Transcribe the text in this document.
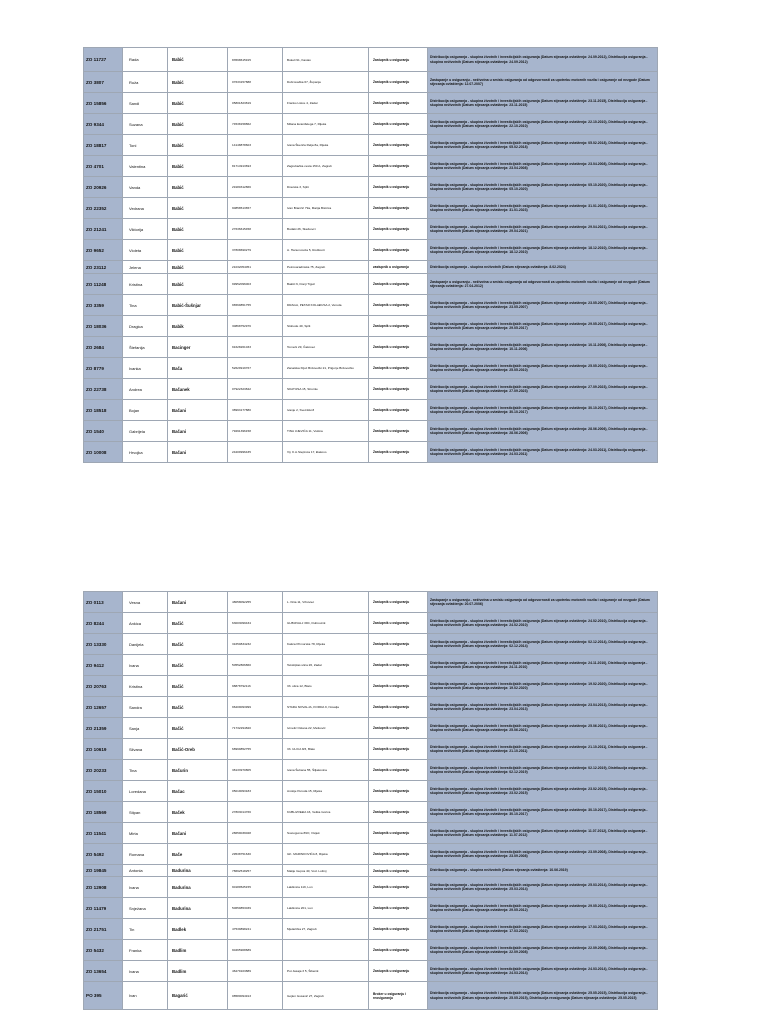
ZO 11727	Rada	Babić	83598615915	Bukeli 91, Kastav	Zastupnik u osiguranju	Distribucija osiguranja - skupina životnih i investicijskih osiguranja (Datum stjecanja ovlaštenja: 24.09.2012), Distribucija osiguranja - skupina neživotnih (Datum stjecanja ovlaštenja: 24.09.2012)

ZO 3807	Ruža	Babić	07633157888	Dubrovačka 67, Županja	Zastupnik u osiguranju	Zastupanje u osiguranju - neživotna u smislu osiguranja od odgovornosti za upotrebu motornih vozila i osiguranje od nezgode (Datum stjecanja ovlaštenja: 12.07.2007)

ZO 15856	Sandi	Babić	05801823819	Franko Lisice 4, Zadar	Zastupnik u osiguranju	Distribucija osiguranja - skupina životnih i investicijskih osiguranja (Datum stjecanja ovlaštenja: 23.11.2015), Distribucija osiguranja - skupina neživotnih (Datum stjecanja ovlaštenja: 23.11.2015)

ZO 9344	Suzana	Babić	74538158862	Milana Evanđelega 7, Rijeka	Zastupnik u osiguranju	Distribucija osiguranja - skupina životnih i investicijskih osiguranja (Datum stjecanja ovlaštenja: 22.10.2010), Distribucija osiguranja - skupina neživotnih (Datum stjecanja ovlaštenja: 22.10.2010)

ZO 18817	Toni	Babić	14148878603	Ivana Škerića Relja 8a, Rijeka	Zastupnik u osiguranju	Distribucija osiguranja - skupina životnih i investicijskih osiguranja (Datum stjecanja ovlaštenja: 05.02.2018), Distribucija osiguranja - skupina neživotnih (Datum stjecanja ovlaštenja: 05.02.2018)

ZO 4701	Valentina	Babić	81714913693	Zagrebačka cesta 150 A, Zagreb	Zastupnik u osiguranju	Distribucija osiguranja - skupina životnih i investicijskih osiguranja (Datum stjecanja ovlaštenja: 23.04.2008), Distribucija osiguranja - skupina neživotnih (Datum stjecanja ovlaštenja: 23.04.2008)

ZO 20926	Vanda	Babić	29180312866	Dravska 3, Split	Zastupnik u osiguranju	Distribucija osiguranja - skupina životnih i investicijskih osiguranja (Datum stjecanja ovlaštenja: 05.10.2020), Distribucija osiguranja - skupina neživotnih (Datum stjecanja ovlaštenja: 05.10.2020)

ZO 22352	Vedrana	Babić	90858513657	Ivan Brančić 79a, Marija Bistrica	Zastupnik u osiguranju	Distribucija osiguranja - skupina životnih i investicijskih osiguranja (Datum stjecanja ovlaštenja: 31.01.2023), Distribucija osiguranja - skupina neživotnih (Datum stjecanja ovlaštenja: 31.01.2023)

ZO 21241	Viktorija	Babić	27636615458	Budaki 26, Slavkovci	Zastupnik u osiguranju	Distribucija osiguranja - skupina životnih i investicijskih osiguranja (Datum stjecanja ovlaštenja: 29.04.2021), Distribucija osiguranja - skupina neživotnih (Datum stjecanja ovlaštenja: 29.04.2021)

ZO 9652	Violeta	Babić	37808690279	A. Hanumovića 5, Rodilovci	Zastupnik u osiguranju	Distribucija osiguranja - skupina životnih i investicijskih osiguranja (Datum stjecanja ovlaštenja: 18.12.2010), Distribucija osiguranja - skupina neživotnih (Datum stjecanja ovlaštenja: 18.12.2010)

ZO 23112	Jelena	Babić	21032054051	Petrovaradinska 75, Zagreb	zastupnik u osiguranju	Distribucija osiguranja - skupina neživotnih (Datum stjecanja ovlaštenja: 8.02.2024)

ZO 11248	Kristina	Babić	99952096003	Bakići 6, Donji Tiguri	Zastupnik u osiguranju	Zastupanje u osiguranju - neživotna u smislu osiguranja od odgovornosti za upotrebu motornih vozila i osiguranje od nezgode (Datum stjecanja ovlaštenja: 27.04.2012)

ZO 3359	Tina	Babić-Šušnjar	96569851755	DRAGA, PETAR KOLAĐUSA 2, Veruda	Zastupnik u osiguranju	Distribucija osiguranja - skupina životnih i investicijskih osiguranja (Datum stjecanja ovlaštenja: 23.05.2007), Distribucija osiguranja - skupina neživotnih (Datum stjecanja ovlaštenja: 23.05.2007)

ZO 18036	Dragica	Babik	30868752976	Slobode 40, Split	Zastupnik u osiguranju	Distribucija osiguranja - skupina životnih i investicijskih osiguranja (Datum stjecanja ovlaštenja: 29.05.2017), Distribucija osiguranja - skupina neživotnih (Datum stjecanja ovlaštenja: 29.05.2017)

ZO 2684	Štefanija	Bacinger	91628261033	Tomerk 29, Čakovec	Zastupnik u osiguranju	Distribucija osiguranja - skupina životnih i investicijskih osiguranja (Datum stjecanja ovlaštenja: 10.11.2006), Distribucija osiguranja - skupina neživotnih (Datum stjecanja ovlaštenja: 10.11.2006)

ZO 8779	Ivanka	Bača	52629919767	Zanatska Kljuć Brdovečki 21, Prigorje Brdovečko	Zastupnik u osiguranju	Distribucija osiguranja - skupina životnih i investicijskih osiguranja (Datum stjecanja ovlaštenja: 25.05.2010), Distribucija osiguranja - skupina neživotnih (Datum stjecanja ovlaštenja: 25.05.2010)

ZO 22738	Andrea	Bačanek	07922323842	SKATIJSA 15, Strumle	Zastupnik u osiguranju	Distribucija osiguranja - skupina životnih i investicijskih osiguranja (Datum stjecanja ovlaštenja: 27.09.2023), Distribucija osiguranja - skupina neživotnih (Datum stjecanja ovlaštenja: 27.09.2023)

ZO 18518	Bojan	Bačani	38993177880	Ivanje 2, Sveti Đurđ	Zastupnik u osiguranju	Distribucija osiguranja - skupina životnih i investicijskih osiguranja (Datum stjecanja ovlaštenja: 30.10.2017), Distribucija osiguranja - skupina neživotnih (Datum stjecanja ovlaštenja: 30.10.2017)

ZO 1540	Gabrijela	Bačani	79291396158	TINA UJEVIĆA 11, Vukina	Zastupnik u osiguranju	Distribucija osiguranja - skupina životnih i investicijskih osiguranja (Datum stjecanja ovlaštenja: 28.06.2006), Distribucija osiguranja - skupina neživotnih (Datum stjecanja ovlaštenja: 28.06.2006)

ZO 10008	Hrvojka	Bačani	24209996435	Vij. K.A.Stepinca 17, Đakovo	Zastupnik u osiguranju	Distribucija osiguranja - skupina životnih i investicijskih osiguranja (Datum stjecanja ovlaštenja: 24.03.2011), Distribucija osiguranja - skupina neživotnih (Datum stjecanja ovlaštenja: 24.03.2011)
ZO 0113	Vesna	Bačani	48058092255	L. Kiša 11, Vrboviec	Zastupnik u osiguranju	Zastupanje u osiguranju - neživotna u smislu osiguranja od odgovornosti za upotrebu motornih vozila i osiguranje od nezgode (Datum stjecanja ovlaštenja: 20.07.2006)

ZO 8244	Ankica	Bačić	63003099434	GUBIJVALJ 39C, Dubrovnik	Zastupnik u osiguranju	Distribucija osiguranja - skupina životnih i investicijskih osiguranja (Datum stjecanja ovlaštenja: 24.02.2010), Distribucija osiguranja - skupina neživotnih (Datum stjecanja ovlaštenja: 24.02.2010)

ZO 13330	Danijela	Bačić	31650834232	Katica Primorska 78, Rijeka	Zastupnik u osiguranju	Distribucija osiguranja - skupina životnih i investicijskih osiguranja (Datum stjecanja ovlaštenja: 02.12.2014), Distribucija osiguranja - skupina neživotnih (Datum stjecanja ovlaštenja: 02.12.2014)

ZO 9412	Ivana	Bačić	50552806860	Tekstiplas ulica 26, Zadar	Zastupnik u osiguranju	Distribucija osiguranja - skupina životnih i investicijskih osiguranja (Datum stjecanja ovlaštenja: 24.11.2010), Distribucija osiguranja - skupina neživotnih (Datum stjecanja ovlaštenja: 24.11.2010)

ZO 20763	Kristina	Bačić	98878792116	33. ulica 12, Blato	Zastupnik u osiguranju	Distribucija osiguranja - skupina životnih i investicijskih osiguranja (Datum stjecanja ovlaštenja: 19.02.2020), Distribucija osiguranja - skupina neživotnih (Datum stjecanja ovlaštenja: 19.02.2020)

ZO 12657	Sandra	Bačić	96209093999	STARA NOVALJA, KORDA 9, Novalja	Zastupnik u osiguranju	Distribucija osiguranja - skupina životnih i investicijskih osiguranja (Datum stjecanja ovlaštenja: 23.04.2013), Distribucija osiguranja - skupina neživotnih (Datum stjecanja ovlaštenja: 23.04.2013)

ZO 21359	Sanja	Bačić	71732294820	Ivmelić Oslana 22, Metković	Zastupnik u osiguranju	Distribucija osiguranja - skupina životnih i investicijskih osiguranja (Datum stjecanja ovlaštenja: 25.06.2021), Distribucija osiguranja - skupina neživotnih (Datum stjecanja ovlaštenja: 25.06.2021)

ZO 10619	Silvana	Bačić-Oreb	68999852755	33. ULICA 8/3, Blato	Zastupnik u osiguranju	Distribucija osiguranja - skupina životnih i investicijskih osiguranja (Datum stjecanja ovlaštenja: 21.10.2011), Distribucija osiguranja - skupina neživotnih (Datum stjecanja ovlaštenja: 21.10.2011)

ZO 20233	Tina	Bačurin	38133970805	Ivana Šubana 55, Šiljakovina	Zastupnik u osiguranju	Distribucija osiguranja - skupina životnih i investicijskih osiguranja (Datum stjecanja ovlaštenja: 02.12.2019), Distribucija osiguranja - skupina neživotnih (Datum stjecanja ovlaštenja: 02.12.2019)

ZO 15010	Loredana	Bačac	05019093183	Anotije Peruda 15, Rijeka	Zastupnik u osiguranju	Distribucija osiguranja - skupina životnih i investicijskih osiguranja (Datum stjecanja ovlaštenja: 23.02.2015), Distribucija osiguranja - skupina neživotnih (Datum stjecanja ovlaštenja: 23.02.2015)

ZO 18569	Stipan	Baček	27803014766	KUBLIZVEĐA 16, Velika Gorica	Zastupnik u osiguranju	Distribucija osiguranja - skupina životnih i investicijskih osiguranja (Datum stjecanja ovlaštenja: 30.10.2017), Distribucija osiguranja - skupina neživotnih (Datum stjecanja ovlaštenja: 30.10.2017)

ZO 11541	Mirta	Bačani	28659039028	Svetoguma 89O, Osijek	Zastupnik u osiguranju	Distribucija osiguranja - skupina životnih i investicijskih osiguranja (Datum stjecanja ovlaštenja: 11.07.2012), Distribucija osiguranja - skupina neživotnih (Datum stjecanja ovlaštenja: 11.07.2012)

ZO 5492	Romana	Bače	29538751630	GK. MARINKOVIĆA 8, Rijeka	Zastupnik u osiguranju	Distribucija osiguranja - skupina životnih i investicijskih osiguranja (Datum stjecanja ovlaštenja: 23.09.2008), Distribucija osiguranja - skupina neživotnih (Datum stjecanja ovlaštenja: 23.09.2008)

ZO 19845	Antonia	Badurina	78692518257	Matije Gupca 40, Vod. Lošinj	Zastupnik u osiguranju	Distribucija osiguranja - skupina neživotnih (Datum stjecanja ovlaštenja: 10.06.2019)

ZO 12908	Ivana	Badurina	90189525155	Lakšinica 119, Lun	Zastupnik u osiguranju	Distribucija osiguranja - skupina životnih i investicijskih osiguranja (Datum stjecanja ovlaštenja: 25.03.2014), Distribucija osiguranja - skupina neživotnih (Datum stjecanja ovlaštenja: 25.03.2014)

ZO 11479	Snježana	Badurina	50659853039	Lakšinica 201, Lun	Zastupnik u osiguranju	Distribucija osiguranja - skupina životnih i investicijskih osiguranja (Datum stjecanja ovlaštenja: 29.05.2012), Distribucija osiguranja - skupina neživotnih (Datum stjecanja ovlaštenja: 29.05.2012)

ZO 21751	Tin	Badlek	47539898241	Mjelarička 27, Zagreb	Zastupnik u osiguranju	Distribucija osiguranja - skupina životnih i investicijskih osiguranja (Datum stjecanja ovlaštenja: 17.03.2022), Distribucija osiguranja - skupina neživotnih (Datum stjecanja ovlaštenja: 17.03.2022)

ZO 5432	Franka	Badlim	90465908689		Zastupnik u osiguranju	Distribucija osiguranja - skupina životnih i investicijskih osiguranja (Datum stjecanja ovlaštenja: 22.09.2008), Distribucija osiguranja - skupina neživotnih (Datum stjecanja ovlaštenja: 22.09.2008)

ZO 13654	Ivana	Badlim	46279103889	Put Jasaja 3 5, Šibenik	Zastupnik u osiguranju	Distribucija osiguranja - skupina životnih i investicijskih osiguranja (Datum stjecanja ovlaštenja: 24.03.2014), Distribucija osiguranja - skupina neživotnih (Datum stjecanja ovlaštenja: 24.03.2014)

PO 395	Ivan	Bagarić	08580094913	Gojlen Gusavić 27, Zagreb	Broker u osiguranju i reosiguranju	Distribucija osiguranja - skupina životnih i investicijskih osiguranja (Datum stjecanja ovlaštenja: 25.05.2015), Distribucija osiguranja - skupina neživotnih (Datum stjecanja ovlaštenja: 25.05.2015), Distribucija reosiguranja (Datum stjecanja ovlaštenja: 25.05.2015)
